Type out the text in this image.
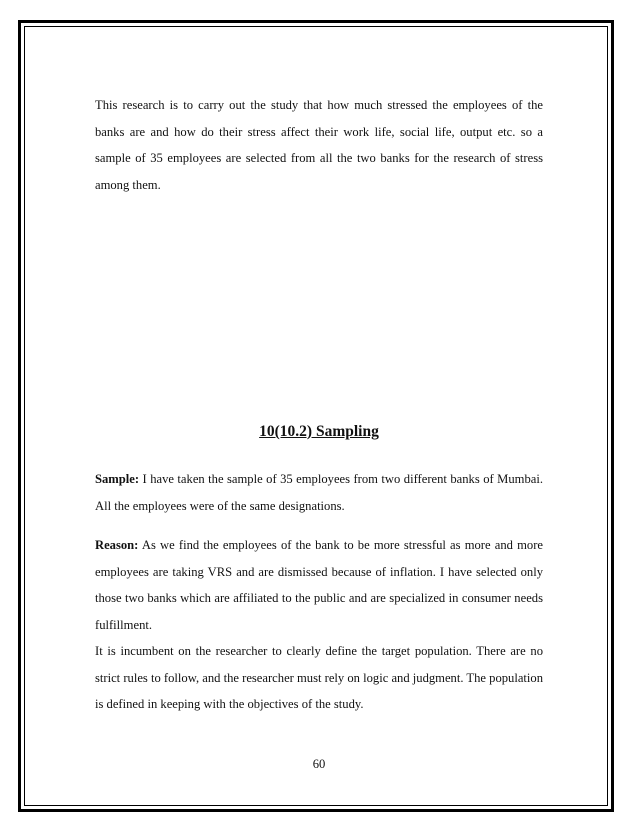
This research is to carry out the study that how much stressed the employees of the banks are and how do their stress affect their work life, social life, output etc. so a sample of 35 employees are selected from all the two banks for the research of stress among them.

10(10.2) Sampling

Sample: I have taken the sample of 35 employees from two different banks of Mumbai. All the employees were of the same designations.

Reason: As we find the employees of the bank to be more stressful as more and more employees are taking VRS and are dismissed because of inflation. I have selected only those two banks which are affiliated to the public and are specialized in consumer needs fulfillment.

It is incumbent on the researcher to clearly define the target population. There are no strict rules to follow, and the researcher must rely on logic and judgment. The population is defined in keeping with the objectives of the study.

60
